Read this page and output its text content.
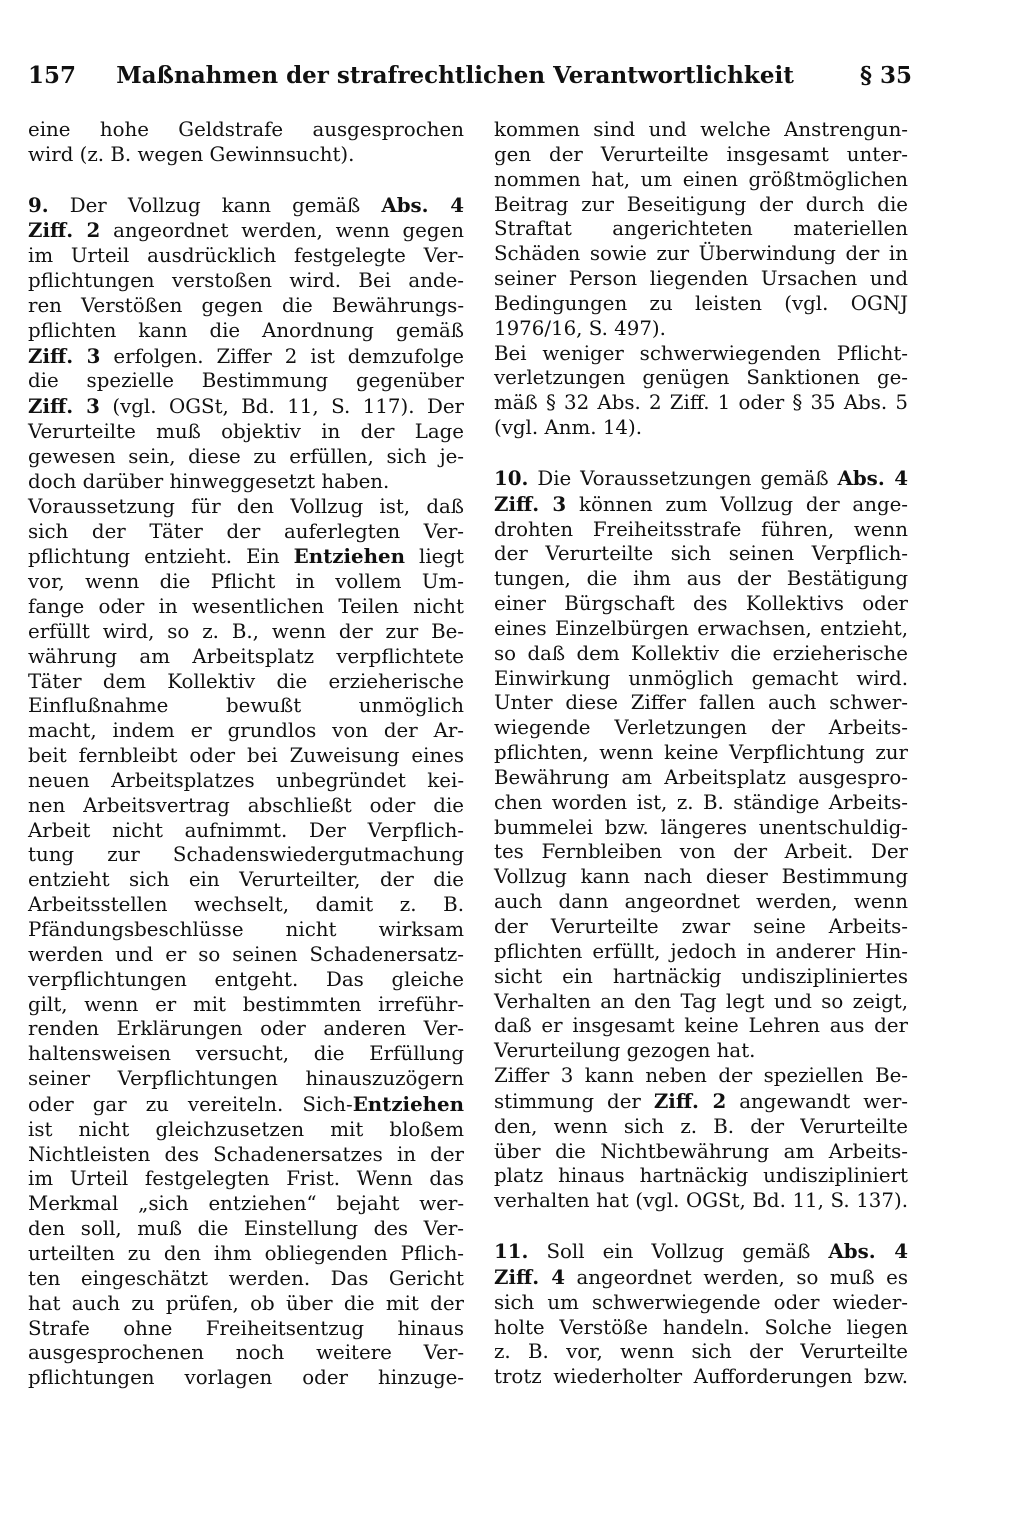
157	Maßnahmen der strafrechtlichen Verantwortlichkeit	§ 35
eine hohe Geldstrafe ausgesprochen
wird (z. B. wegen Gewinnsucht).
9. Der Vollzug kann gemäß Abs. 4
Ziff. 2 angeordnet werden, wenn gegen
im Urteil ausdrücklich festgelegte Ver-
pflichtungen verstoßen wird. Bei ande-
ren Verstößen gegen die Bewährungs-
pflichten kann die Anordnung gemäß
Ziff. 3 erfolgen. Ziffer 2 ist demzufolge
die spezielle Bestimmung gegenüber
Ziff. 3 (vgl. OGSt, Bd. 11, S. 117). Der
Verurteilte muß objektiv in der Lage
gewesen sein, diese zu erfüllen, sich je-
doch darüber hinweggesetzt haben.
Voraussetzung für den Vollzug ist, daß
sich der Täter der auferlegten Ver-
pflichtung entzieht. Ein Entziehen liegt
vor, wenn die Pflicht in vollem Um-
fange oder in wesentlichen Teilen nicht
erfüllt wird, so z. B., wenn der zur Be-
währung am Arbeitsplatz verpflichtete
Täter dem Kollektiv die erzieherische
Einflußnahme bewußt unmöglich
macht, indem er grundlos von der Ar-
beit fernbleibt oder bei Zuweisung eines
neuen Arbeitsplatzes unbegründet kei-
nen Arbeitsvertrag abschließt oder die
Arbeit nicht aufnimmt. Der Verpflich-
tung zur Schadenswiedergutmachung
entzieht sich ein Verurteilter, der die
Arbeitsstellen wechselt, damit z. B.
Pfändungsbeschlüsse nicht wirksam
werden und er so seinen Schadenersatz-
verpflichtungen entgeht. Das gleiche
gilt, wenn er mit bestimmten irreführ-
renden Erklärungen oder anderen Ver-
haltensweisen versucht, die Erfüllung
seiner Verpflichtungen hinauszuzögern
oder gar zu vereiteln. Sich-Entziehen
ist nicht gleichzusetzen mit bloßem
Nichtleisten des Schadenersatzes in der
im Urteil festgelegten Frist. Wenn das
Merkmal „sich entziehen“ bejaht wer-
den soll, muß die Einstellung des Ver-
urteilten zu den ihm obliegenden Pflich-
ten eingeschätzt werden. Das Gericht
hat auch zu prüfen, ob über die mit der
Strafe ohne Freiheitsentzug hinaus
ausgesprochenen noch weitere Ver-
pflichtungen vorlagen oder hinzuge-
kommen sind und welche Anstrengun-
gen der Verurteilte insgesamt unter-
nommen hat, um einen größtmöglichen
Beitrag zur Beseitigung der durch die
Straftat angerichteten materiellen
Schäden sowie zur Überwindung der in
seiner Person liegenden Ursachen und
Bedingungen zu leisten (vgl. OGNJ
1976/16, S. 497).
Bei weniger schwerwiegenden Pflicht-
verletzungen genügen Sanktionen ge-
mäß § 32 Abs. 2 Ziff. 1 oder § 35 Abs. 5
(vgl. Anm. 14).
10. Die Voraussetzungen gemäß Abs. 4
Ziff. 3 können zum Vollzug der ange-
drohten Freiheitsstrafe führen, wenn
der Verurteilte sich seinen Verpflich-
tungen, die ihm aus der Bestätigung
einer Bürgschaft des Kollektivs oder
eines Einzelbürgen erwachsen, entzieht,
so daß dem Kollektiv die erzieherische
Einwirkung unmöglich gemacht wird.
Unter diese Ziffer fallen auch schwer-
wiegende Verletzungen der Arbeits-
pflichten, wenn keine Verpflichtung zur
Bewährung am Arbeitsplatz ausgespro-
chen worden ist, z. B. ständige Arbeits-
bummelei bzw. längeres unentschuldig-
tes Fernbleiben von der Arbeit. Der
Vollzug kann nach dieser Bestimmung
auch dann angeordnet werden, wenn
der Verurteilte zwar seine Arbeits-
pflichten erfüllt, jedoch in anderer Hin-
sicht ein hartnäckig undiszipliniertes
Verhalten an den Tag legt und so zeigt,
daß er insgesamt keine Lehren aus der
Verurteilung gezogen hat.
Ziffer 3 kann neben der speziellen Be-
stimmung der Ziff. 2 angewandt wer-
den, wenn sich z. B. der Verurteilte
über die Nichtbewährung am Arbeits-
platz hinaus hartnäckig undiszipliniert
verhalten hat (vgl. OGSt, Bd. 11, S. 137).
11. Soll ein Vollzug gemäß Abs. 4
Ziff. 4 angeordnet werden, so muß es
sich um schwerwiegende oder wieder-
holte Verstöße handeln. Solche liegen
z. B. vor, wenn sich der Verurteilte
trotz wiederholter Aufforderungen bzw.
